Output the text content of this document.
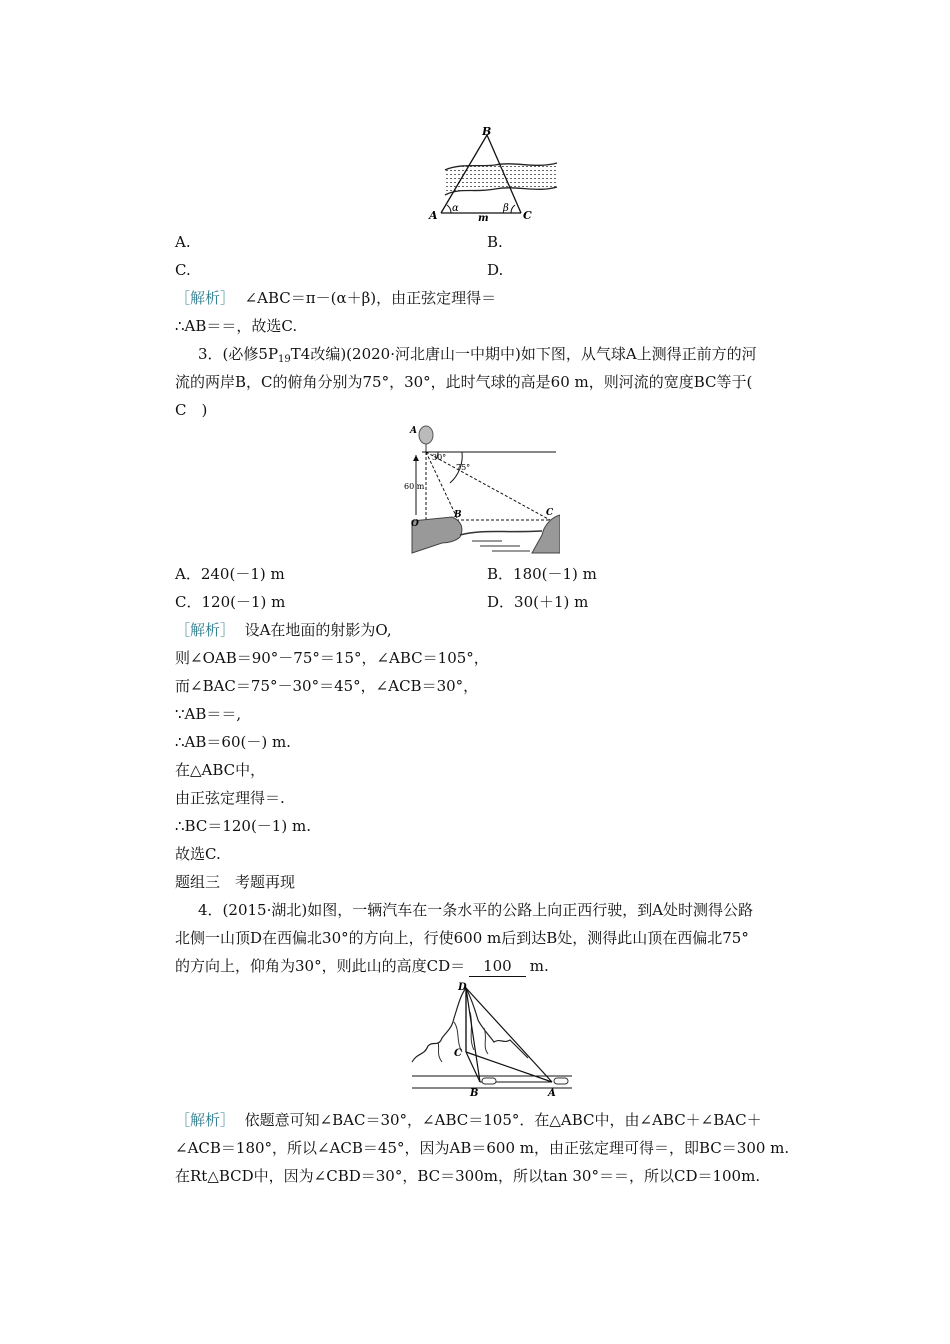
B
A	C
α	β
m
A.	B.
C.	D.
［解析］ ∠ABC＝π－(α＋β)，由正弦定理得＝
∴AB＝＝，故选C.
3．(必修$5P_{19}T4$改编)(2020·河北唐山一中期中)如下图，从气球A上测得正前方的河
流的两岸B，C的俯角分别为75°，30°，此时气球的高是60 m，则河流的宽度BC等于(
C　)
A
O
B	C
30°
75°
60 m
A．240(－1) m	B．180(－1) m
C．120(－1) m	D．30(＋1) m
［解析］ 设A在地面的射影为O,
则∠OAB＝90°－75°＝15°，∠ABC＝105°，
而∠BAC＝75°－30°＝45°，∠ACB＝30°，
∵AB＝＝,
∴AB＝60(－) m.
在△ABC中，
由正弦定理得＝.
∴BC＝120(－1) m.
故选C.
题组三　考题再现
4．(2015·湖北)如图，一辆汽车在一条水平的公路上向正西行驶，到A处时测得公路
北侧一山顶D在西偏北30°的方向上，行使600 m后到达B处，测得此山顶在西偏北75°
的方向上，仰角为30°，则此山的高度CD＝ 100 m.
D
C
B	A
［解析］ 依题意可知∠BAC＝30°，∠ABC＝105°．在△ABC中，由∠ABC＋∠BAC＋
∠ACB＝180°，所以∠ACB＝45°，因为AB＝600 m，由正弦定理可得＝，即BC＝300 m.
在Rt△BCD中，因为∠CBD＝30°，BC＝300m，所以tan 30°＝＝，所以CD＝100m.
